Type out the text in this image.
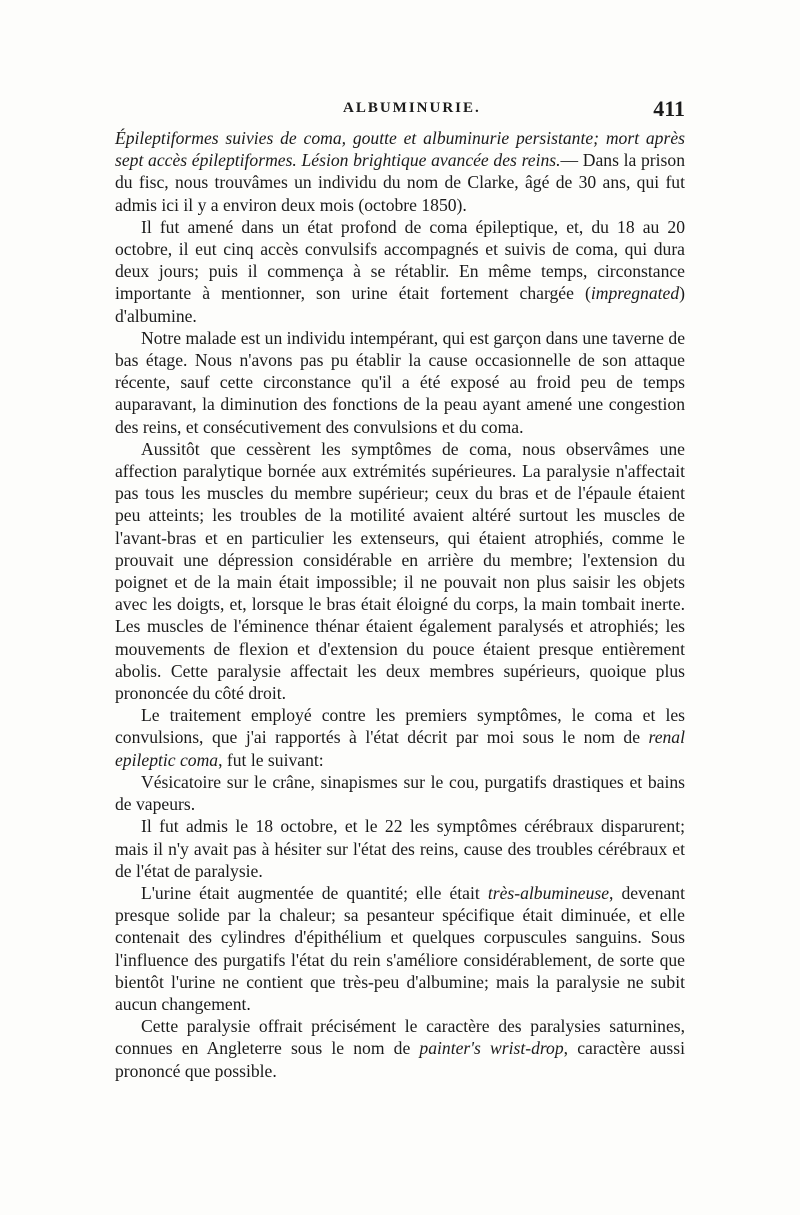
ALBUMINURIE.	411

Épileptiformes suivies de coma, goutte et albuminurie persistante; mort après sept accès épileptiformes. Lésion brightique avancée des reins.— Dans la prison du fisc, nous trouvâmes un individu du nom de Clarke, âgé de 30 ans, qui fut admis ici il y a environ deux mois (octobre 1850).

Il fut amené dans un état profond de coma épileptique, et, du 18 au 20 octobre, il eut cinq accès convulsifs accompagnés et suivis de coma, qui dura deux jours; puis il commença à se rétablir. En même temps, circonstance importante à mentionner, son urine était fortement chargée (impregnated) d'albumine.

Notre malade est un individu intempérant, qui est garçon dans une taverne de bas étage. Nous n'avons pas pu établir la cause occasionnelle de son attaque récente, sauf cette circonstance qu'il a été exposé au froid peu de temps auparavant, la diminution des fonctions de la peau ayant amené une congestion des reins, et consécutivement des convulsions et du coma.

Aussitôt que cessèrent les symptômes de coma, nous observâmes une affection paralytique bornée aux extrémités supérieures. La paralysie n'affectait pas tous les muscles du membre supérieur; ceux du bras et de l'épaule étaient peu atteints; les troubles de la motilité avaient altéré surtout les muscles de l'avant-bras et en particulier les extenseurs, qui étaient atrophiés, comme le prouvait une dépression considérable en arrière du membre; l'extension du poignet et de la main était impossible; il ne pouvait non plus saisir les objets avec les doigts, et, lorsque le bras était éloigné du corps, la main tombait inerte. Les muscles de l'éminence thénar étaient également paralysés et atrophiés; les mouvements de flexion et d'extension du pouce étaient presque entièrement abolis. Cette paralysie affectait les deux membres supérieurs, quoique plus prononcée du côté droit.

Le traitement employé contre les premiers symptômes, le coma et les convulsions, que j'ai rapportés à l'état décrit par moi sous le nom de renal epileptic coma, fut le suivant:

Vésicatoire sur le crâne, sinapismes sur le cou, purgatifs drastiques et bains de vapeurs.

Il fut admis le 18 octobre, et le 22 les symptômes cérébraux disparurent; mais il n'y avait pas à hésiter sur l'état des reins, cause des troubles cérébraux et de l'état de paralysie.

L'urine était augmentée de quantité; elle était très-albumineuse, devenant presque solide par la chaleur; sa pesanteur spécifique était diminuée, et elle contenait des cylindres d'épithélium et quelques corpuscules sanguins. Sous l'influence des purgatifs l'état du rein s'améliore considérablement, de sorte que bientôt l'urine ne contient que très-peu d'albumine; mais la paralysie ne subit aucun changement.

Cette paralysie offrait précisément le caractère des paralysies saturnines, connues en Angleterre sous le nom de painter's wrist-drop, caractère aussi prononcé que possible.
